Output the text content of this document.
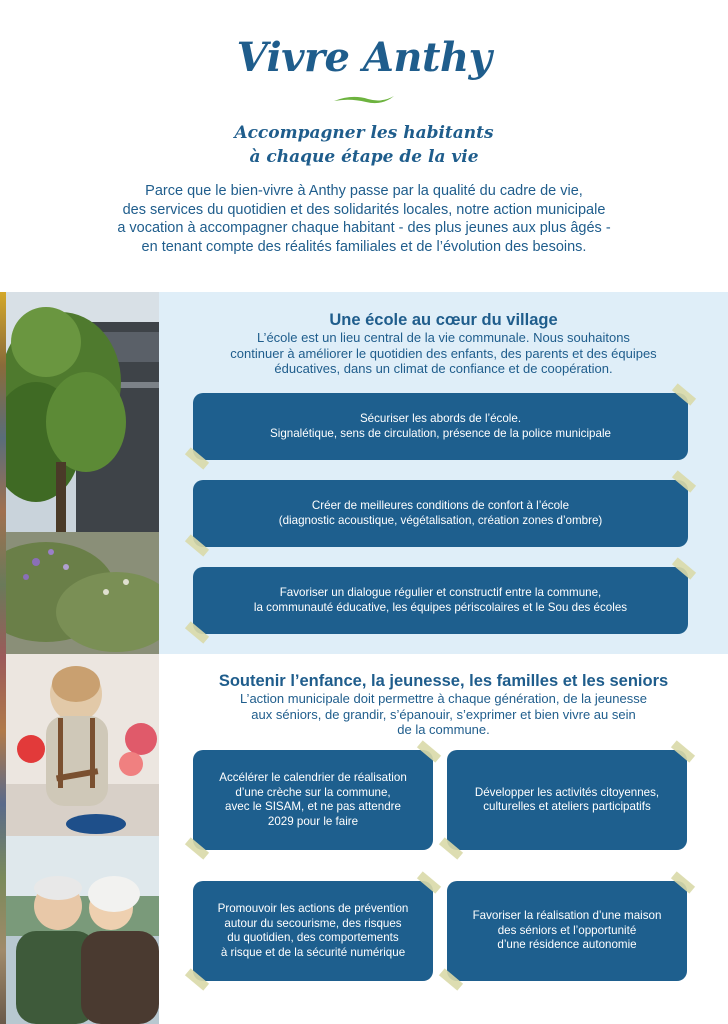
Vivre Anthy
Accompagner les habitants
à chaque étape de la vie
Parce que le bien-vivre à Anthy passe par la qualité du cadre de vie,
des services du quotidien et des solidarités locales, notre action municipale
a vocation à accompagner chaque habitant - des plus jeunes aux plus âgés -
en tenant compte des réalités familiales et de l’évolution des besoins.
Une école au cœur du village
L’école est un lieu central de la vie communale. Nous souhaitons
continuer à améliorer le quotidien des enfants, des parents et des équipes
éducatives, dans un climat de confiance et de coopération.
Sécuriser les abords de l’école.
Signalétique, sens de circulation, présence de la police municipale
Créer de meilleures conditions de confort à l’école
(diagnostic acoustique, végétalisation, création zones d’ombre)
Favoriser un dialogue régulier et constructif entre la commune,
la communauté éducative, les équipes périscolaires et le Sou des écoles
Soutenir l’enfance, la jeunesse, les familles et les seniors
L’action municipale doit permettre à chaque génération, de la jeunesse
aux séniors, de grandir, s’épanouir, s’exprimer et bien vivre au sein
de la commune.
Accélérer le calendrier de réalisation
d’une crèche sur la commune,
avec le SISAM, et ne pas attendre
2029 pour le faire
Développer les activités citoyennes,
culturelles et ateliers participatifs
Promouvoir les actions de prévention
autour du secourisme, des risques
du quotidien, des comportements
à risque et de la sécurité numérique
Favoriser la réalisation d’une maison
des séniors et l’opportunité
d’une résidence autonomie
